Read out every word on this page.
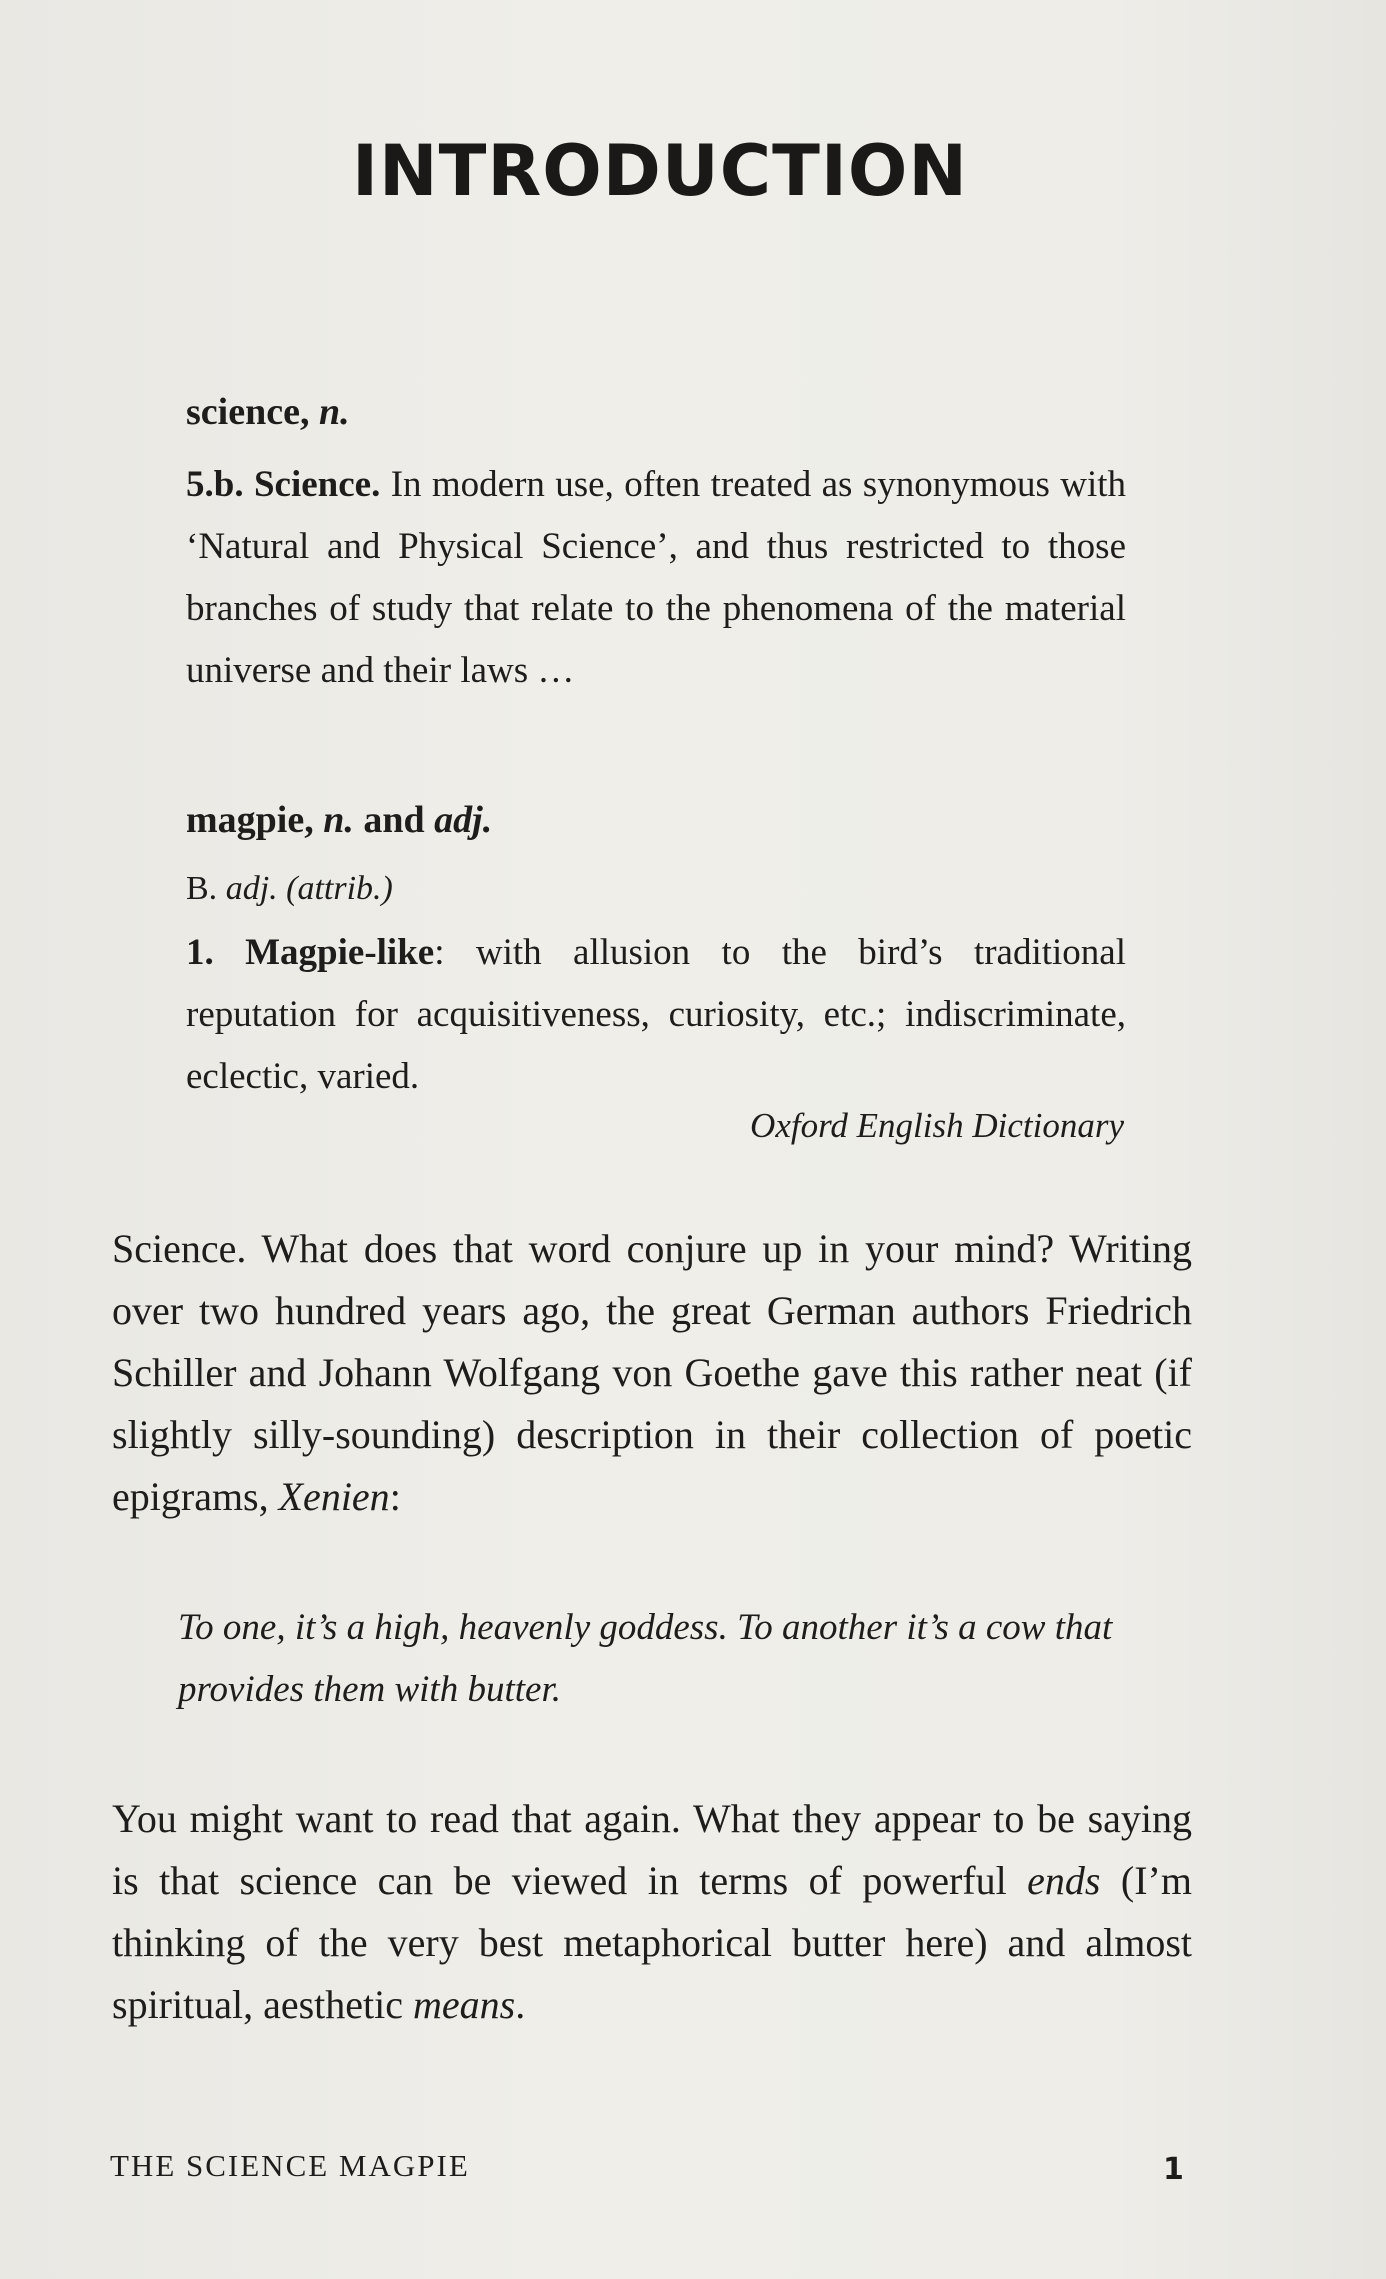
INTRODUCTION
science, n.
5.b. Science. In modern use, often treated as synonymous with ‘Natural and Physical Science’, and thus restricted to those branches of study that relate to the phenomena of the material universe and their laws …
magpie, n. and adj.
B. adj. (attrib.)
1. Magpie-like: with allusion to the bird’s traditional reputation for acquisitiveness, curiosity, etc.; indiscriminate, eclectic, varied.
Oxford English Dictionary
Science. What does that word conjure up in your mind? Writing over two hundred years ago, the great German authors Friedrich Schiller and Johann Wolfgang von Goethe gave this rather neat (if slightly silly-sounding) description in their collection of poetic epigrams, Xenien:
To one, it’s a high, heavenly goddess. To another it’s a cow that provides them with butter.
You might want to read that again. What they appear to be saying is that science can be viewed in terms of powerful ends (I’m thinking of the very best metaphorical butter here) and almost spiritual, aesthetic means.
THE SCIENCE MAGPIE	1
